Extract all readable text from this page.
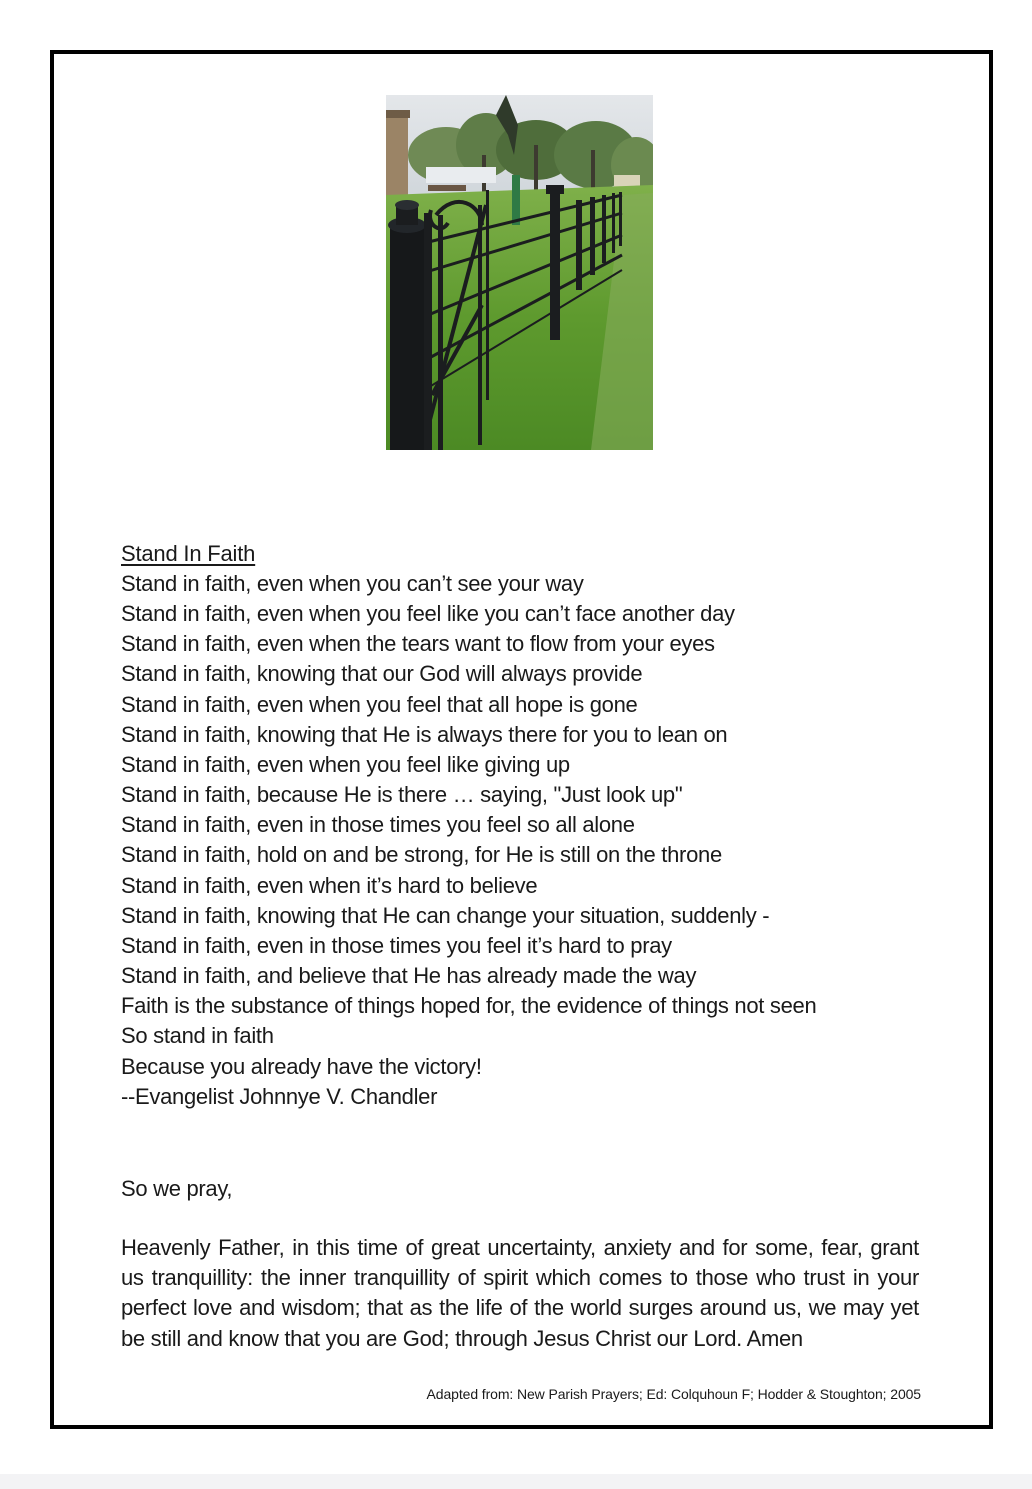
Stand In Faith
Stand in faith, even when you can’t see your way
Stand in faith, even when you feel like you can’t face another day
Stand in faith, even when the tears want to flow from your eyes
Stand in faith, knowing that our God will always provide
Stand in faith, even when you feel that all hope is gone
Stand in faith, knowing that He is always there for you to lean on
Stand in faith, even when you feel like giving up
Stand in faith, because He is there … saying, "Just look up"
Stand in faith, even in those times you feel so all alone
Stand in faith, hold on and be strong, for He is still on the throne
Stand in faith, even when it’s hard to believe
Stand in faith, knowing that He can change your situation, suddenly -
Stand in faith, even in those times you feel it’s hard to pray
Stand in faith, and believe that He has already made the way
Faith is the substance of things hoped for, the evidence of things not seen
So stand in faith
Because you already have the victory!
--Evangelist Johnnye V. Chandler
So we pray,
Heavenly Father, in this time of great uncertainty, anxiety and for some, fear, grant us tranquillity: the inner tranquillity of spirit which comes to those who trust in your perfect love and wisdom; that as the life of the world surges around us, we may yet be still and know that you are God; through Jesus Christ our Lord. Amen
Adapted from: New Parish Prayers; Ed: Colquhoun F; Hodder & Stoughton; 2005
